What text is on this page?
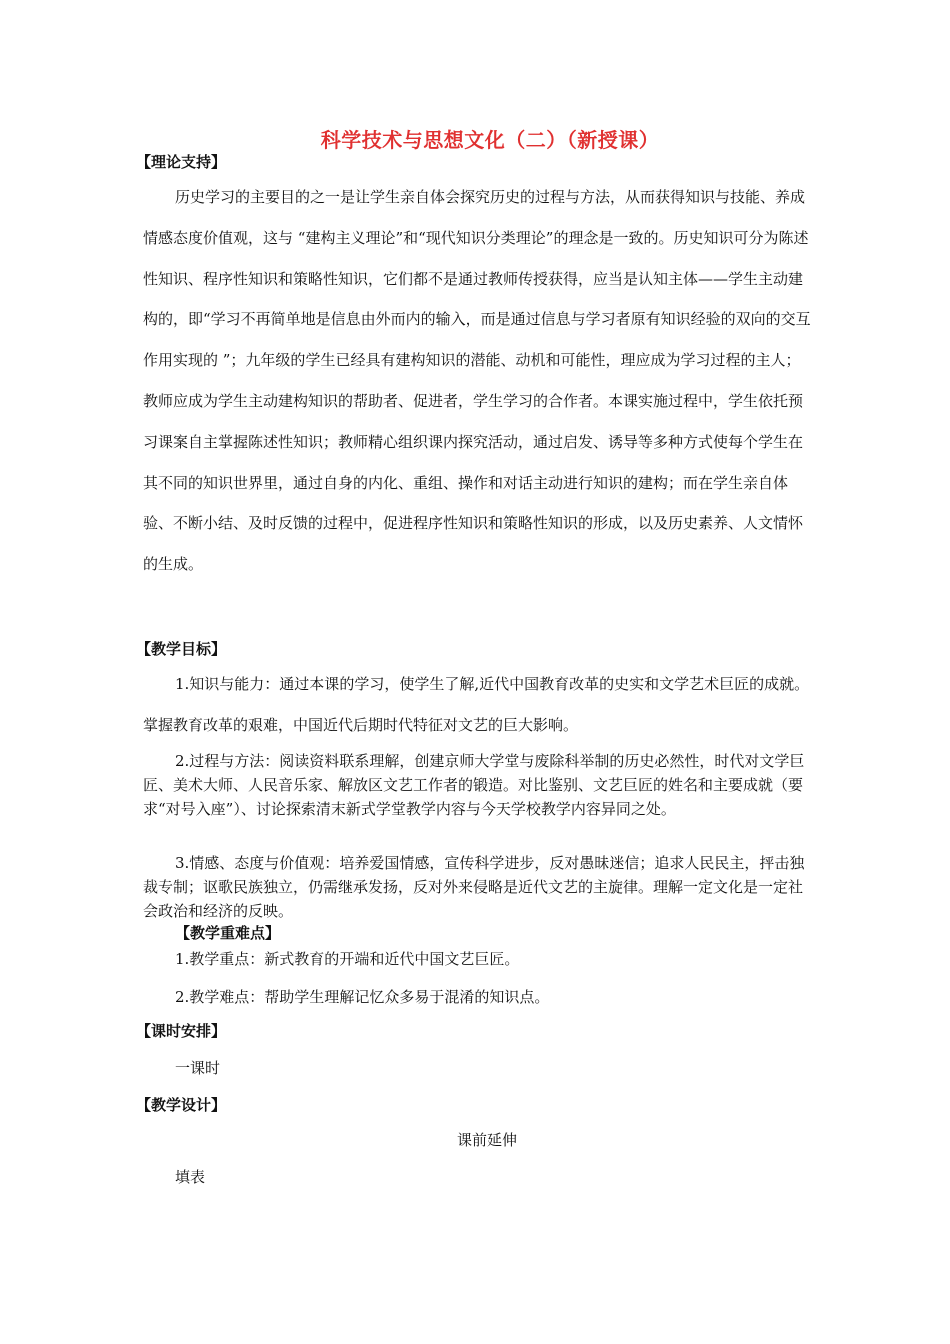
科学技术与思想文化（二）（新授课）
【理论支持】
历史学习的主要目的之一是让学生亲自体会探究历史的过程与方法，从而获得知识与技能、养成情感态度价值观，这与 “建构主义理论”和“现代知识分类理论”的理念是一致的。历史知识可分为陈述性知识、程序性知识和策略性知识，它们都不是通过教师传授获得，应当是认知主体——学生主动建构的，即“学习不再简单地是信息由外而内的输入，而是通过信息与学习者原有知识经验的双向的交互作用实现的 ”；九年级的学生已经具有建构知识的潜能、动机和可能性，理应成为学习过程的主人；教师应成为学生主动建构知识的帮助者、促进者，学生学习的合作者。本课实施过程中，学生依托预习课案自主掌握陈述性知识；教师精心组织课内探究活动，通过启发、诱导等多种方式使每个学生在其不同的知识世界里，通过自身的内化、重组、操作和对话主动进行知识的建构；而在学生亲自体验、不断小结、及时反馈的过程中，促进程序性知识和策略性知识的形成，以及历史素养、人文情怀的生成。
【教学目标】
1.知识与能力：通过本课的学习，使学生了解,近代中国教育改革的史实和文学艺术巨匠的成就。掌握教育改革的艰难，中国近代后期时代特征对文艺的巨大影响。
2.过程与方法：阅读资料联系理解，创建京师大学堂与废除科举制的历史必然性，时代对文学巨匠、美术大师、人民音乐家、解放区文艺工作者的锻造。对比鉴别、文艺巨匠的姓名和主要成就（要求“对号入座”）、讨论探索清末新式学堂教学内容与今天学校教学内容异同之处。
3.情感、态度与价值观：培养爱国情感，宣传科学进步，反对愚昧迷信；追求人民民主，抨击独裁专制；讴歌民族独立，仍需继承发扬，反对外来侵略是近代文艺的主旋律。理解一定文化是一定社会政治和经济的反映。
【教学重难点】
1.教学重点：新式教育的开端和近代中国文艺巨匠。
2.教学难点：帮助学生理解记忆众多易于混淆的知识点。
【课时安排】
一课时
【教学设计】
课前延伸
填表
